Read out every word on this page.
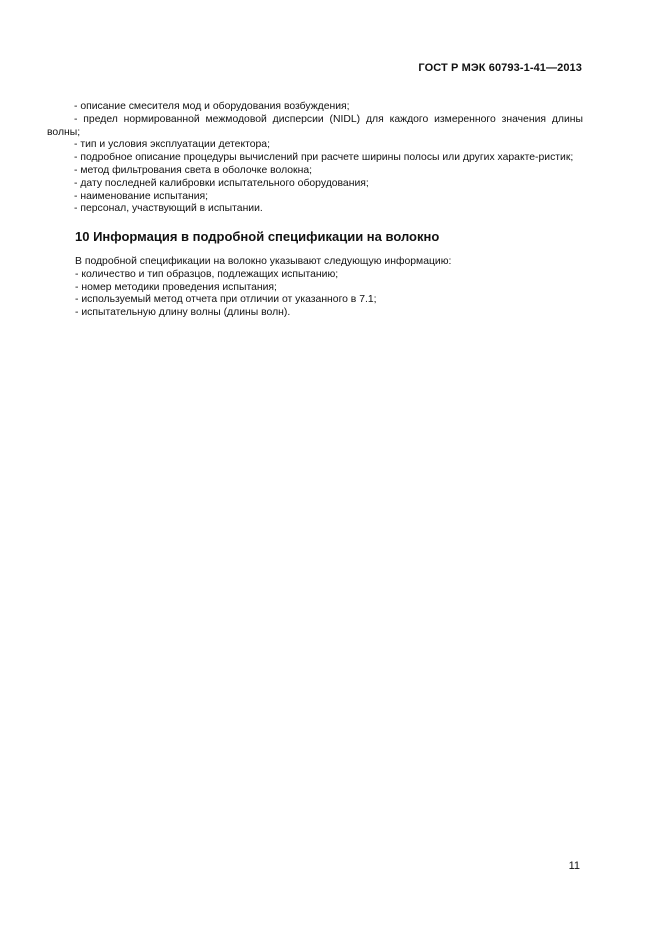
ГОСТ Р МЭК 60793-1-41—2013

- описание смесителя мод и оборудования возбуждения;

- предел нормированной межмодовой дисперсии (NIDL) для каждого измеренного значения длины волны;

- тип и условия эксплуатации детектора;

- подробное описание процедуры вычислений при расчете ширины полосы или других характе-ристик;

- метод фильтрования света в оболочке волокна;

- дату последней калибровки испытательного оборудования;

- наименование испытания;

- персонал, участвующий в испытании.

10 Информация в подробной спецификации на волокно

В подробной спецификации на волокно указывают следующую информацию:

- количество и тип образцов, подлежащих испытанию;

- номер методики проведения испытания;

- используемый метод отчета при отличии от указанного в 7.1;

- испытательную длину волны (длины волн).

11
